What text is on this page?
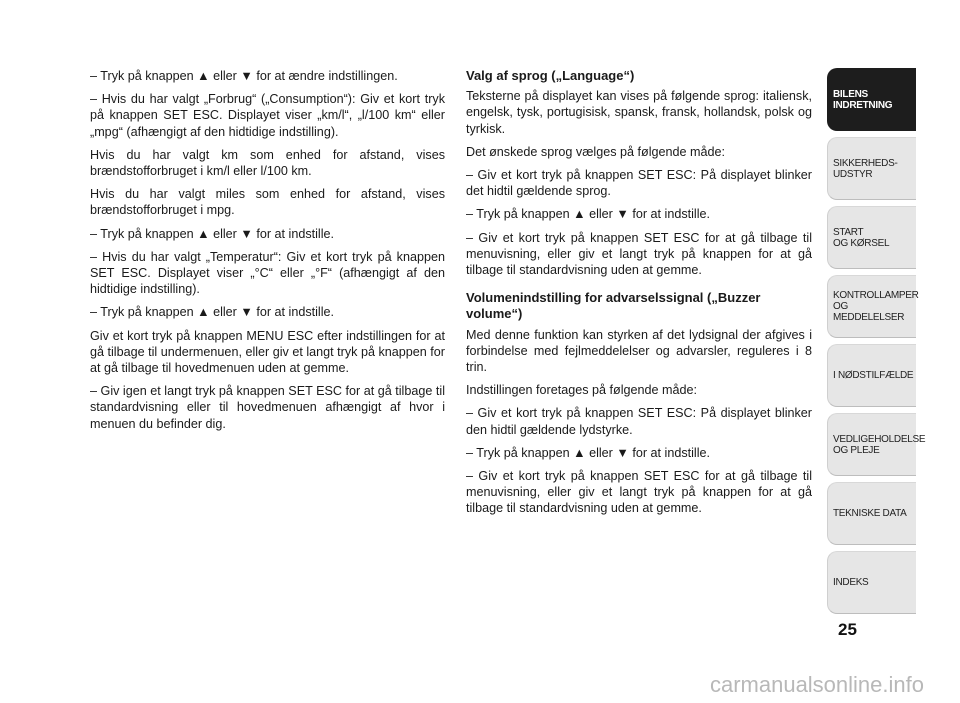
– Tryk på knappen ▲ eller ▼ for at ændre indstillingen.

– Hvis du har valgt „Forbrug“ („Consumption“): Giv et kort tryk på knappen SET ESC. Displayet viser „km/l“, „l/100 km“ eller „mpg“ (afhængigt af den hidtidige indstilling).

Hvis du har valgt km som enhed for afstand, vises brændstofforbruget i km/l eller l/100 km.

Hvis du har valgt miles som enhed for afstand, vises brændstofforbruget i mpg.

– Tryk på knappen ▲ eller ▼ for at indstille.

– Hvis du har valgt „Temperatur“: Giv et kort tryk på knappen SET ESC. Displayet viser „°C“ eller „°F“ (afhængigt af den hidtidige indstilling).

– Tryk på knappen ▲ eller ▼ for at indstille.

Giv et kort tryk på knappen MENU ESC efter indstillingen for at gå tilbage til undermenuen, eller giv et langt tryk på knappen for at gå tilbage til hovedmenuen uden at gemme.

– Giv igen et langt tryk på knappen SET ESC for at gå tilbage til standardvisning eller til hovedmenuen afhængigt af hvor i menuen du befinder dig.

Valg af sprog („Language“)

Teksterne på displayet kan vises på følgende sprog: italiensk, engelsk, tysk, portugisisk, spansk, fransk, hollandsk, polsk og tyrkisk.

Det ønskede sprog vælges på følgende måde:

– Giv et kort tryk på knappen SET ESC: På displayet blinker det hidtil gældende sprog.

– Tryk på knappen ▲ eller ▼ for at indstille.

– Giv et kort tryk på knappen SET ESC for at gå tilbage til menuvisning, eller giv et langt tryk på knappen for at gå tilbage til standardvisning uden at gemme.

Volumenindstilling for advarselssignal („Buzzer volume“)

Med denne funktion kan styrken af det lydsignal der afgives i forbindelse med fejlmeddelelser og advarsler, reguleres i 8 trin.

Indstillingen foretages på følgende måde:

– Giv et kort tryk på knappen SET ESC: På displayet blinker den hidtil gældende lydstyrke.

– Tryk på knappen ▲ eller ▼ for at indstille.

– Giv et kort tryk på knappen SET ESC for at gå tilbage til menuvisning, eller giv et langt tryk på knappen for at gå tilbage til standardvisning uden at gemme.

BILENS
INDRETNING
SIKKERHEDS-
UDSTYR
START
OG KØRSEL
KONTROLLAMPER
OG MEDDELELSER
I NØDSTILFÆLDE
VEDLIGEHOLDELSE
OG PLEJE
TEKNISKE DATA
INDEKS
25
carmanualsonline.info
